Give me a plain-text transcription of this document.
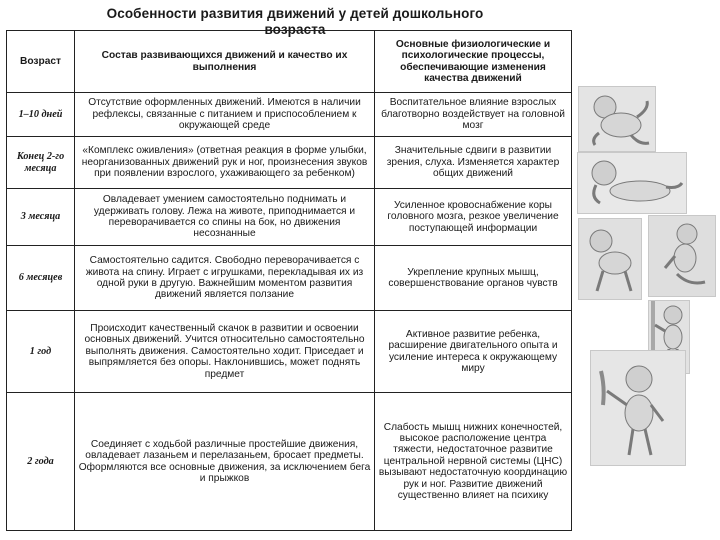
Особенности развития движений у детей дошкольного возраста
Возраст	Состав развивающихся движений и качество их выполнения	Основные физиологические и психологические процессы, обеспечивающие изменения качества движений
1–10 дней	Отсутствие оформленных движений. Имеются в наличии рефлексы, связанные с питанием и приспособлением к окружающей среде	Воспитательное влияние взрослых благотворно воздействует на головной мозг
Конец 2-го месяца	«Комплекс оживления» (ответная реакция в форме улыбки, неорганизованных движений рук и ног, произнесения звуков при появлении взрослого, ухаживающего за ребенком)	Значительные сдвиги в развитии зрения, слуха. Изменяется характер общих движений
3 месяца	Овладевает умением самостоятельно поднимать и удерживать голову. Лежа на животе, приподнимается и переворачивается со спины на бок, но движения несознанные	Усиленное кровоснабжение коры головного мозга, резкое увеличение поступающей информации
6 месяцев	Самостоятельно садится. Свободно переворачивается с живота на спину. Играет с игрушками, перекладывая их из одной руки в другую. Важнейшим моментом развития движений является ползание	Укрепление крупных мышц, совершенствование органов чувств
1 год	Происходит качественный скачок в развитии и освоении основных движений. Учится относительно самостоятельно выполнять движения. Самостоятельно ходит. Приседает и выпрямляется без опоры. Наклонившись, может поднять предмет	Активное развитие ребенка, расширение двигательного опыта и усиление интереса к окружающему миру
2 года	Соединяет с ходьбой различные простейшие движения, овладевает лазаньем и перелазаньем, бросает предметы. Оформляются все основные движения, за исключением бега и прыжков	Слабость мышц нижних конечностей, высокое расположение центра тяжести, недостаточное развитие центральной нервной системы (ЦНС) вызывают недостаточную координацию рук и ног. Развитие движений существенно влияет на психику
